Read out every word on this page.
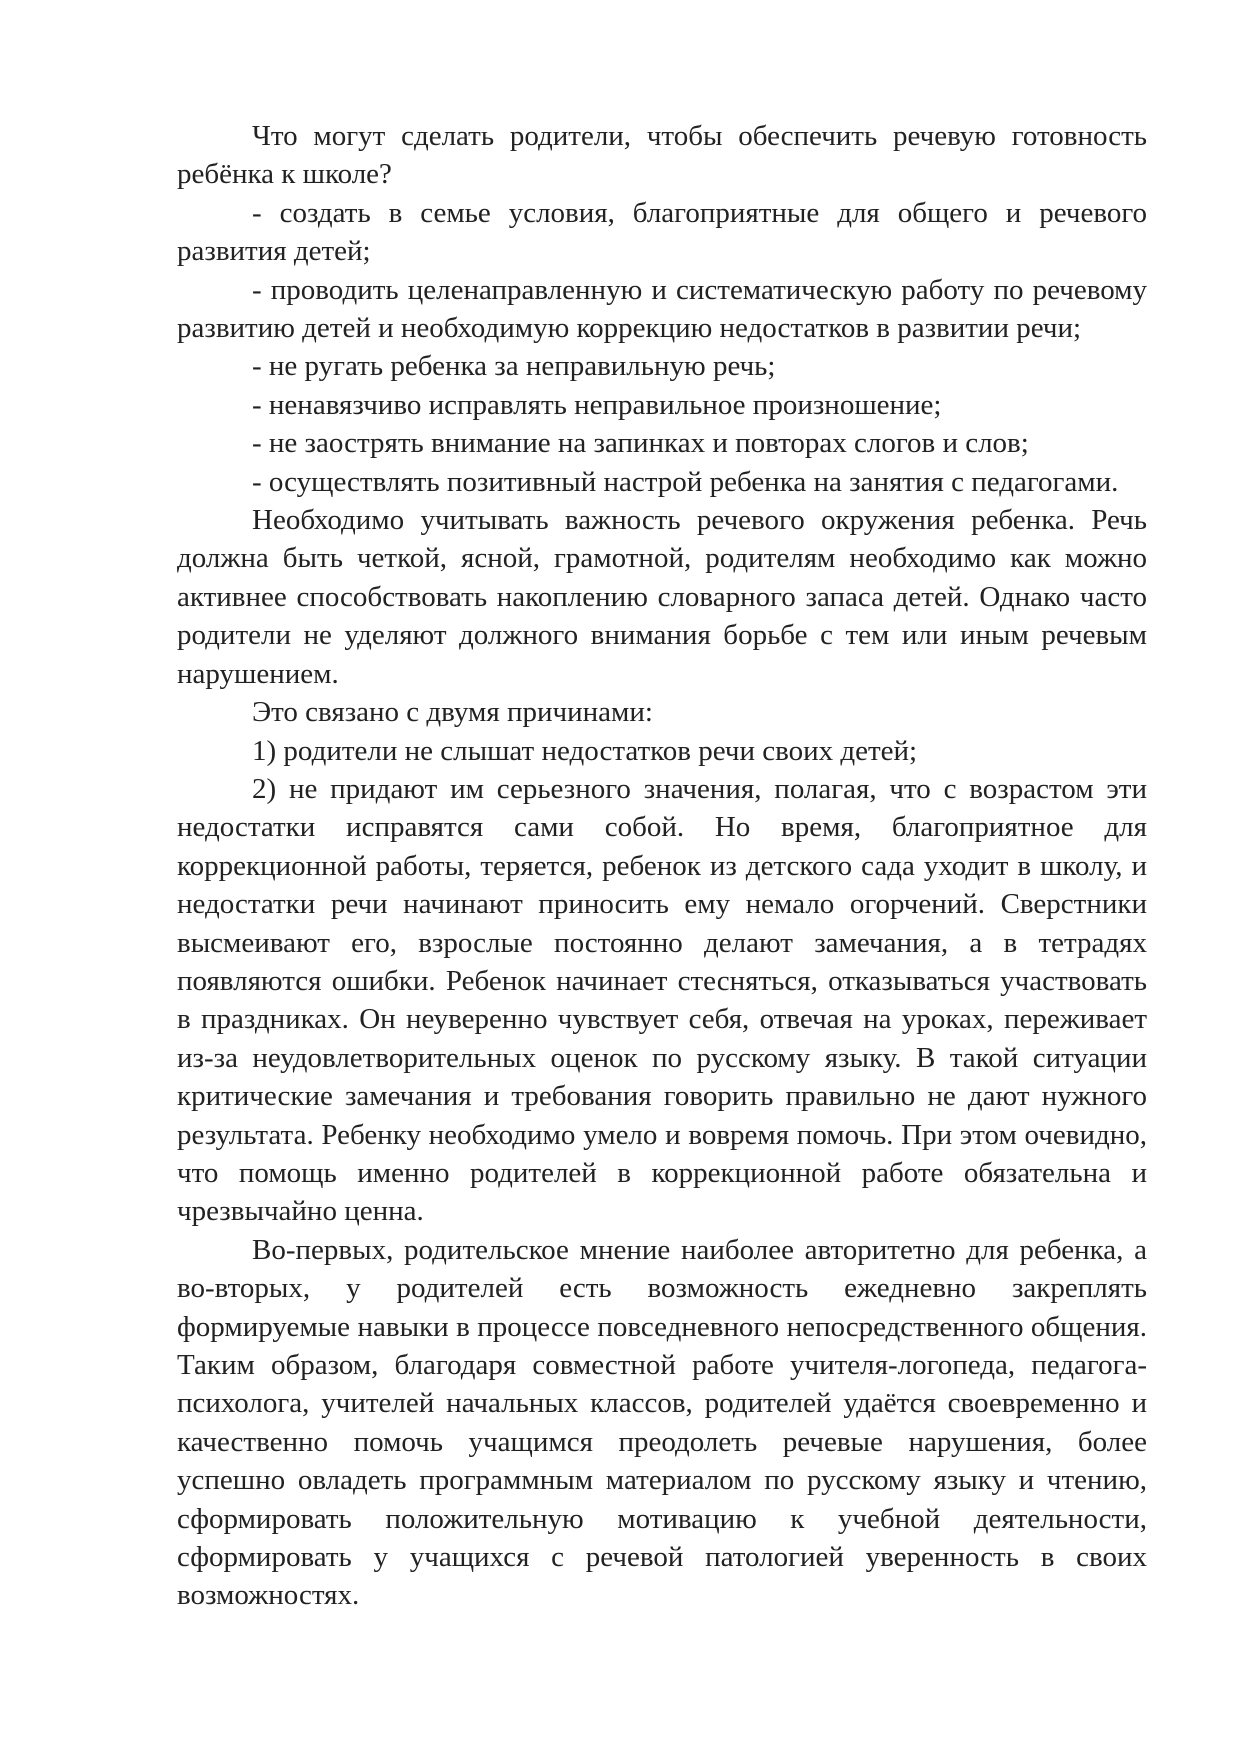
Что могут сделать родители, чтобы обеспечить речевую готовность ребёнка к школе?

- создать в семье условия, благоприятные для общего и речевого развития детей;

- проводить целенаправленную и систематическую работу по речевому развитию детей и необходимую коррекцию недостатков в развитии речи;

- не ругать ребенка за неправильную речь;

- ненавязчиво исправлять неправильное произношение;

- не заострять внимание на запинках и повторах слогов и слов;

- осуществлять позитивный настрой ребенка на занятия с педагогами.

Необходимо учитывать важность речевого окружения ребенка. Речь должна быть четкой, ясной, грамотной, родителям необходимо как можно активнее способствовать накоплению словарного запаса детей. Однако часто родители не уделяют должного внимания борьбе с тем или иным речевым нарушением.

Это связано с двумя причинами:

1) родители не слышат недостатков речи своих детей;

2) не придают им серьезного значения, полагая, что с возрастом эти недостатки исправятся сами собой. Но время, благоприятное для коррекционной работы, теряется, ребенок из детского сада уходит в школу, и недостатки речи начинают приносить ему немало огорчений. Сверстники высмеивают его, взрослые постоянно делают замечания, а в тетрадях появляются ошибки. Ребенок начинает стесняться, отказываться участвовать в праздниках. Он неуверенно чувствует себя, отвечая на уроках, переживает из-за неудовлетворительных оценок по русскому языку. В такой ситуации критические замечания и требования говорить правильно не дают нужного результата. Ребенку необходимо умело и вовремя помочь. При этом очевидно, что помощь именно родителей в коррекционной работе обязательна и чрезвычайно ценна.

Во-первых, родительское мнение наиболее авторитетно для ребенка, а во-вторых, у родителей есть возможность ежедневно закреплять формируемые навыки в процессе повседневного непосредственного общения. Таким образом, благодаря совместной работе учителя-логопеда, педагога-психолога, учителей начальных классов, родителей удаётся своевременно и качественно помочь учащимся преодолеть речевые нарушения, более успешно овладеть программным материалом по русскому языку и чтению, сформировать положительную мотивацию к учебной деятельности, сформировать у учащихся с речевой патологией уверенность в своих возможностях.
